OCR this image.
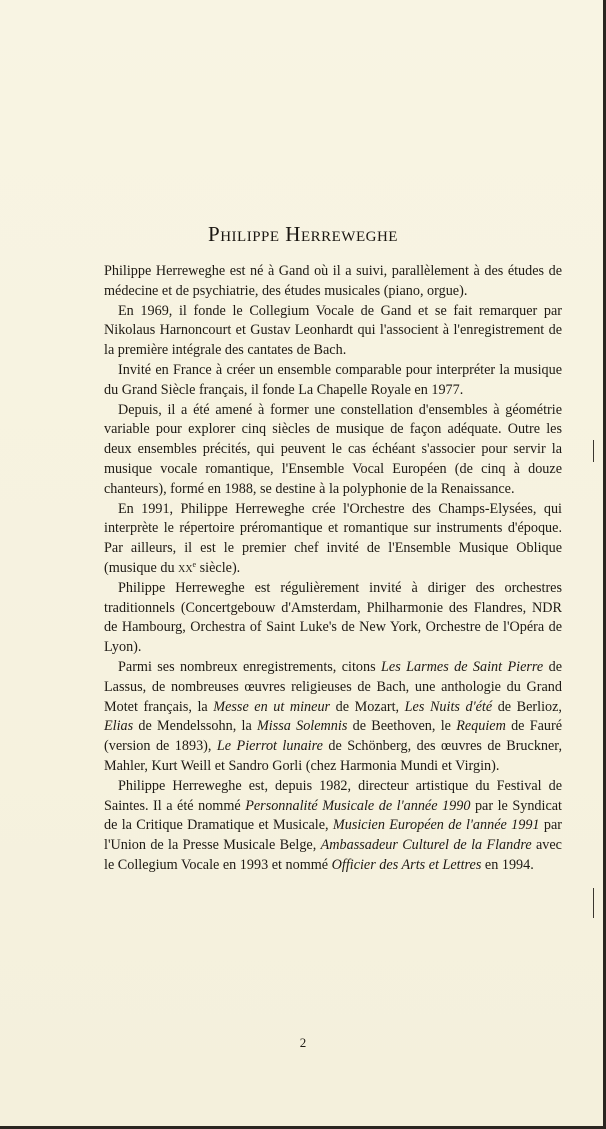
Philippe Herreweghe

Philippe Herreweghe est né à Gand où il a suivi, parallèlement à des études de médecine et de psychiatrie, des études musicales (piano, orgue).

En 1969, il fonde le Collegium Vocale de Gand et se fait remarquer par Nikolaus Harnoncourt et Gustav Leonhardt qui l'associent à l'enregistrement de la première intégrale des cantates de Bach.

Invité en France à créer un ensemble comparable pour interpréter la musique du Grand Siècle français, il fonde La Chapelle Royale en 1977.

Depuis, il a été amené à former une constellation d'ensembles à géométrie variable pour explorer cinq siècles de musique de façon adéquate. Outre les deux ensembles précités, qui peuvent le cas échéant s'associer pour servir la musique vocale romantique, l'Ensemble Vocal Européen (de cinq à douze chanteurs), formé en 1988, se destine à la polyphonie de la Renaissance.

En 1991, Philippe Herreweghe crée l'Orchestre des Champs-Elysées, qui interprète le répertoire préromantique et romantique sur instruments d'époque. Par ailleurs, il est le premier chef invité de l'Ensemble Musique Oblique (musique du $xx^e$ siècle).

Philippe Herreweghe est régulièrement invité à diriger des orchestres traditionnels (Concertgebouw d'Amsterdam, Philharmonie des Flandres, NDR de Hambourg, Orchestra of Saint Luke's de New York, Orchestre de l'Opéra de Lyon).

Parmi ses nombreux enregistrements, citons Les Larmes de Saint Pierre de Lassus, de nombreuses œuvres religieuses de Bach, une anthologie du Grand Motet français, la Messe en ut mineur de Mozart, Les Nuits d'été de Berlioz, Elias de Mendelssohn, la Missa Solemnis de Beethoven, le Requiem de Fauré (version de 1893), Le Pierrot lunaire de Schönberg, des œuvres de Bruckner, Mahler, Kurt Weill et Sandro Gorli (chez Harmonia Mundi et Virgin).

Philippe Herreweghe est, depuis 1982, directeur artistique du Festival de Saintes. Il a été nommé Personnalité Musicale de l'année 1990 par le Syndicat de la Critique Dramatique et Musicale, Musicien Européen de l'année 1991 par l'Union de la Presse Musicale Belge, Ambassadeur Culturel de la Flandre avec le Collegium Vocale en 1993 et nommé Officier des Arts et Lettres en 1994.

2
